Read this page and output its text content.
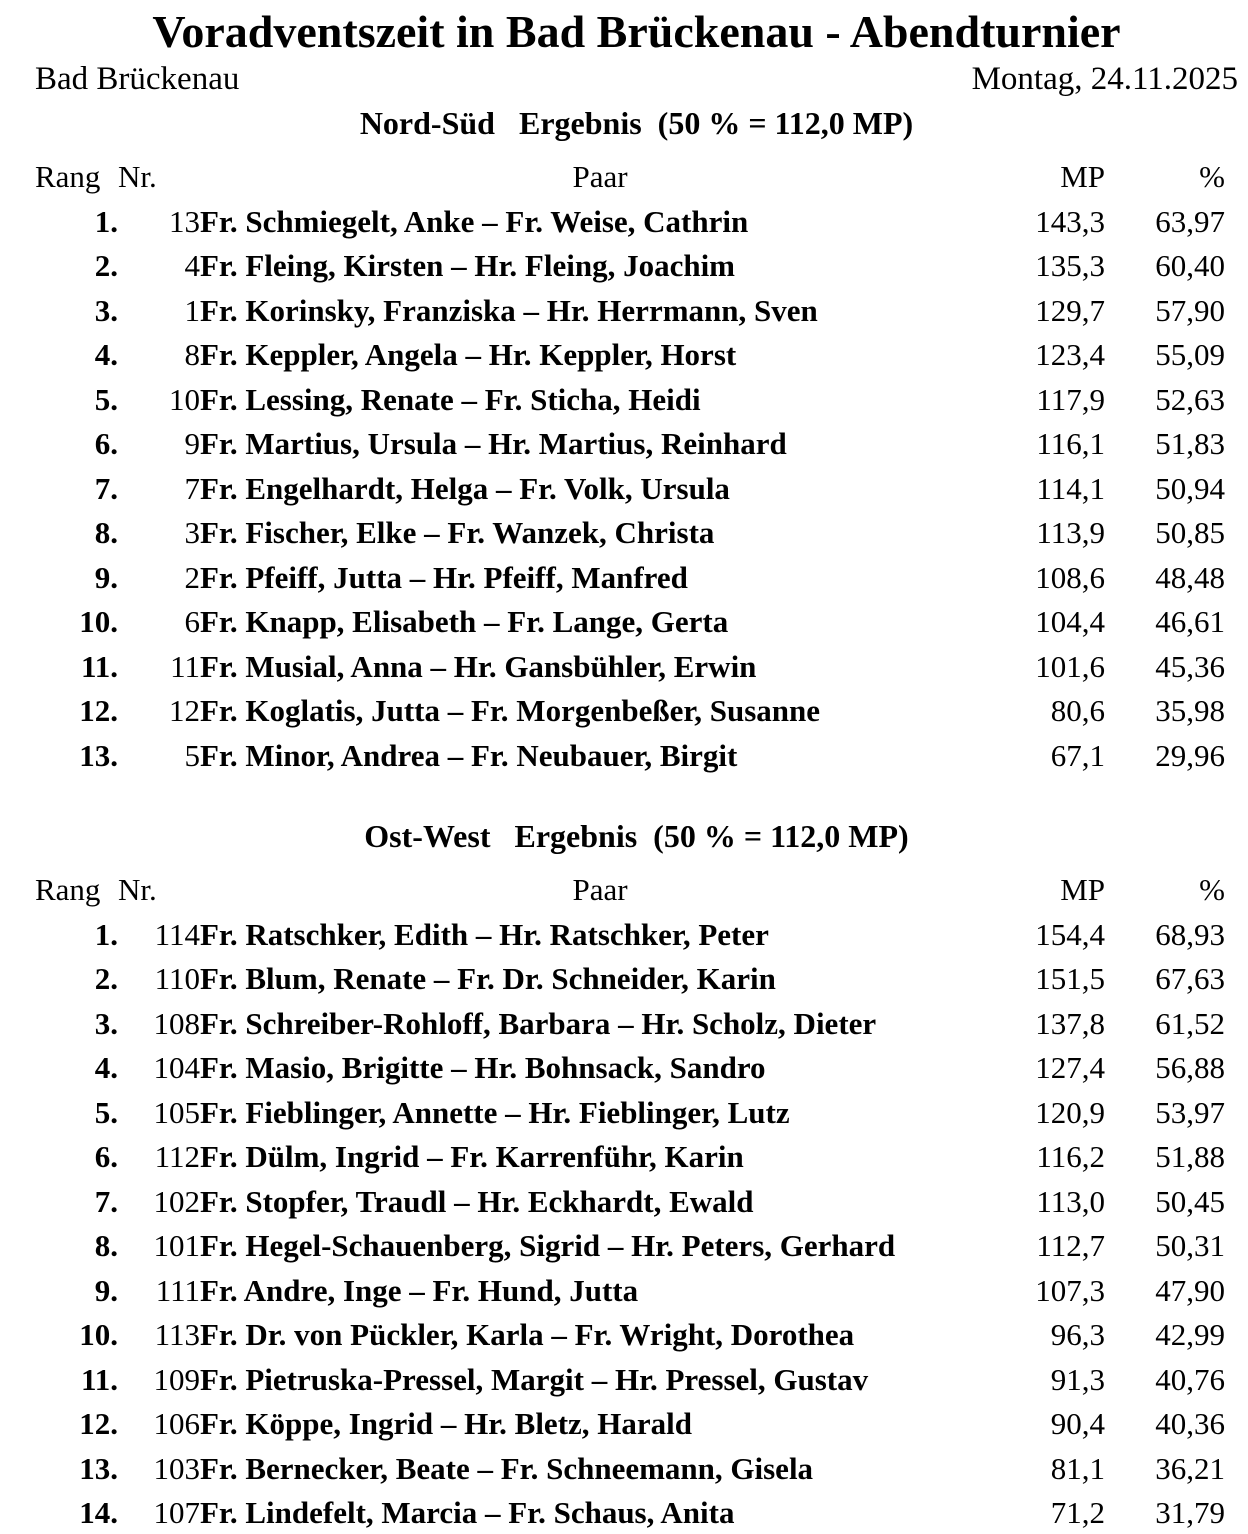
Voradventszeit in Bad Brückenau - Abendturnier
Bad Brückenau	Montag, 24.11.2025
Nord-Süd   Ergebnis  (50 % = 112,0 MP)
Rang	Nr.	Paar	MP	%
1.	13	Fr. Schmiegelt, Anke – Fr. Weise, Cathrin	143,3	63,97
2.	4	Fr. Fleing, Kirsten – Hr. Fleing, Joachim	135,3	60,40
3.	1	Fr. Korinsky, Franziska – Hr. Herrmann, Sven	129,7	57,90
4.	8	Fr. Keppler, Angela – Hr. Keppler, Horst	123,4	55,09
5.	10	Fr. Lessing, Renate – Fr. Sticha, Heidi	117,9	52,63
6.	9	Fr. Martius, Ursula – Hr. Martius, Reinhard	116,1	51,83
7.	7	Fr. Engelhardt, Helga – Fr. Volk, Ursula	114,1	50,94
8.	3	Fr. Fischer, Elke – Fr. Wanzek, Christa	113,9	50,85
9.	2	Fr. Pfeiff, Jutta – Hr. Pfeiff, Manfred	108,6	48,48
10.	6	Fr. Knapp, Elisabeth – Fr. Lange, Gerta	104,4	46,61
11.	11	Fr. Musial, Anna – Hr. Gansbühler, Erwin	101,6	45,36
12.	12	Fr. Koglatis, Jutta – Fr. Morgenbeßer, Susanne	80,6	35,98
13.	5	Fr. Minor, Andrea – Fr. Neubauer, Birgit	67,1	29,96
Ost-West   Ergebnis  (50 % = 112,0 MP)
Rang	Nr.	Paar	MP	%
1.	114	Fr. Ratschker, Edith – Hr. Ratschker, Peter	154,4	68,93
2.	110	Fr. Blum, Renate – Fr. Dr. Schneider, Karin	151,5	67,63
3.	108	Fr. Schreiber-Rohloff, Barbara – Hr. Scholz, Dieter	137,8	61,52
4.	104	Fr. Masio, Brigitte – Hr. Bohnsack, Sandro	127,4	56,88
5.	105	Fr. Fieblinger, Annette – Hr. Fieblinger, Lutz	120,9	53,97
6.	112	Fr. Dülm, Ingrid – Fr. Karrenführ, Karin	116,2	51,88
7.	102	Fr. Stopfer, Traudl – Hr. Eckhardt, Ewald	113,0	50,45
8.	101	Fr. Hegel-Schauenberg, Sigrid – Hr. Peters, Gerhard	112,7	50,31
9.	111	Fr. Andre, Inge – Fr. Hund, Jutta	107,3	47,90
10.	113	Fr. Dr. von Pückler, Karla – Fr. Wright, Dorothea	96,3	42,99
11.	109	Fr. Pietruska-Pressel, Margit – Hr. Pressel, Gustav	91,3	40,76
12.	106	Fr. Köppe, Ingrid – Hr. Bletz, Harald	90,4	40,36
13.	103	Fr. Bernecker, Beate – Fr. Schneemann, Gisela	81,1	36,21
14.	107	Fr. Lindefelt, Marcia – Fr. Schaus, Anita	71,2	31,79
